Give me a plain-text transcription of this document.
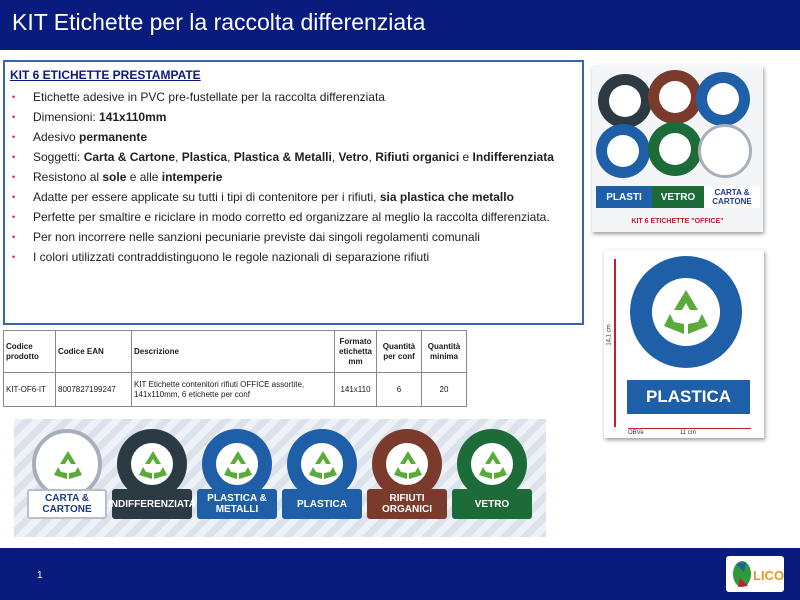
KIT Etichette per la raccolta differenziata
KIT 6 ETICHETTE PRESTAMPATE
• Etichette adesive in PVC pre-fustellate per la raccolta differenziata
• Dimensioni: 141x110mm
• Adesivo permanente
• Soggetti: Carta & Cartone, Plastica, Plastica & Metalli, Vetro, Rifiuti organici e Indifferenziata
• Resistono al sole e alle intemperie
• Adatte per essere applicate su tutti i tipi di contenitore per i rifiuti, sia plastica che metallo
• Perfette per smaltire e riciclare in modo corretto ed organizzare al meglio la raccolta differenziata.
• Per non incorrere nelle sanzioni pecuniarie previste dai singoli regolamenti comunali
• I colori utilizzati contraddistinguono le regole nazionali di separazione rifiuti
Codice prodotto	Codice EAN	Descrizione	Formato etichetta mm	Quantità per conf	Quantità minima
KIT-OF6-IT	8007827199247	KIT Etichette contenitori rifiuti OFFICE assortite, 141x110mm, 6 etichette per conf	141x110	6	20
CARTA & CARTONE	INDIFFERENZIATA	PLASTICA & METALLI	PLASTICA	RIFIUTI ORGANICI	VETRO
PLASTI	VETRO	CARTA & CARTONE
KIT 6 ETICHETTE "OFFICE"
14,1 cm
PLASTICA
11 cm
OBVe
1	LICO
